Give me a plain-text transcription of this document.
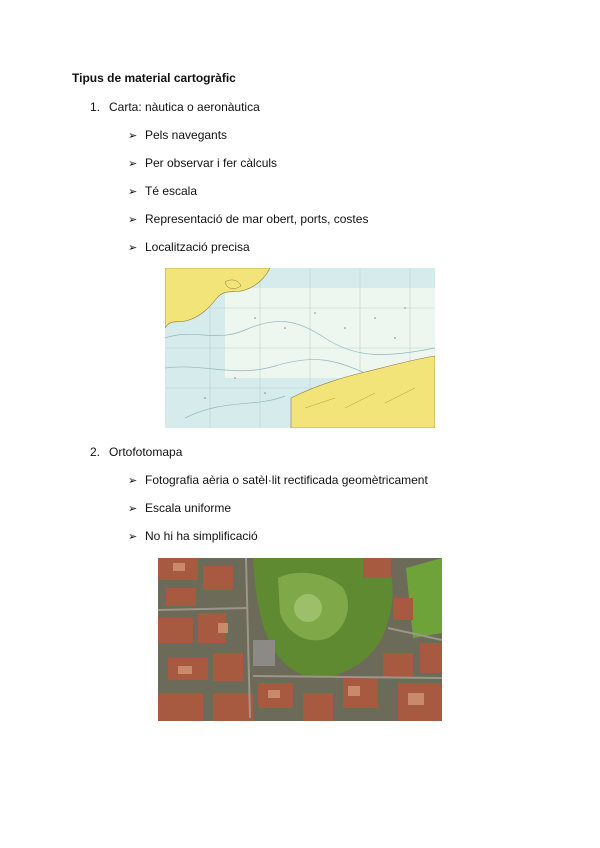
Tipus de material cartogràfic
1. Carta: nàutica o aeronàutica
➢ Pels navegants
➢ Per observar i fer càlculs
➢ Té escala
➢ Representació de mar obert, ports, costes
➢ Localització precisa
2. Ortofotomapa
➢ Fotografia aèria o satèl·lit rectificada geomètricament
➢ Escala uniforme
➢ No hi ha simplificació
